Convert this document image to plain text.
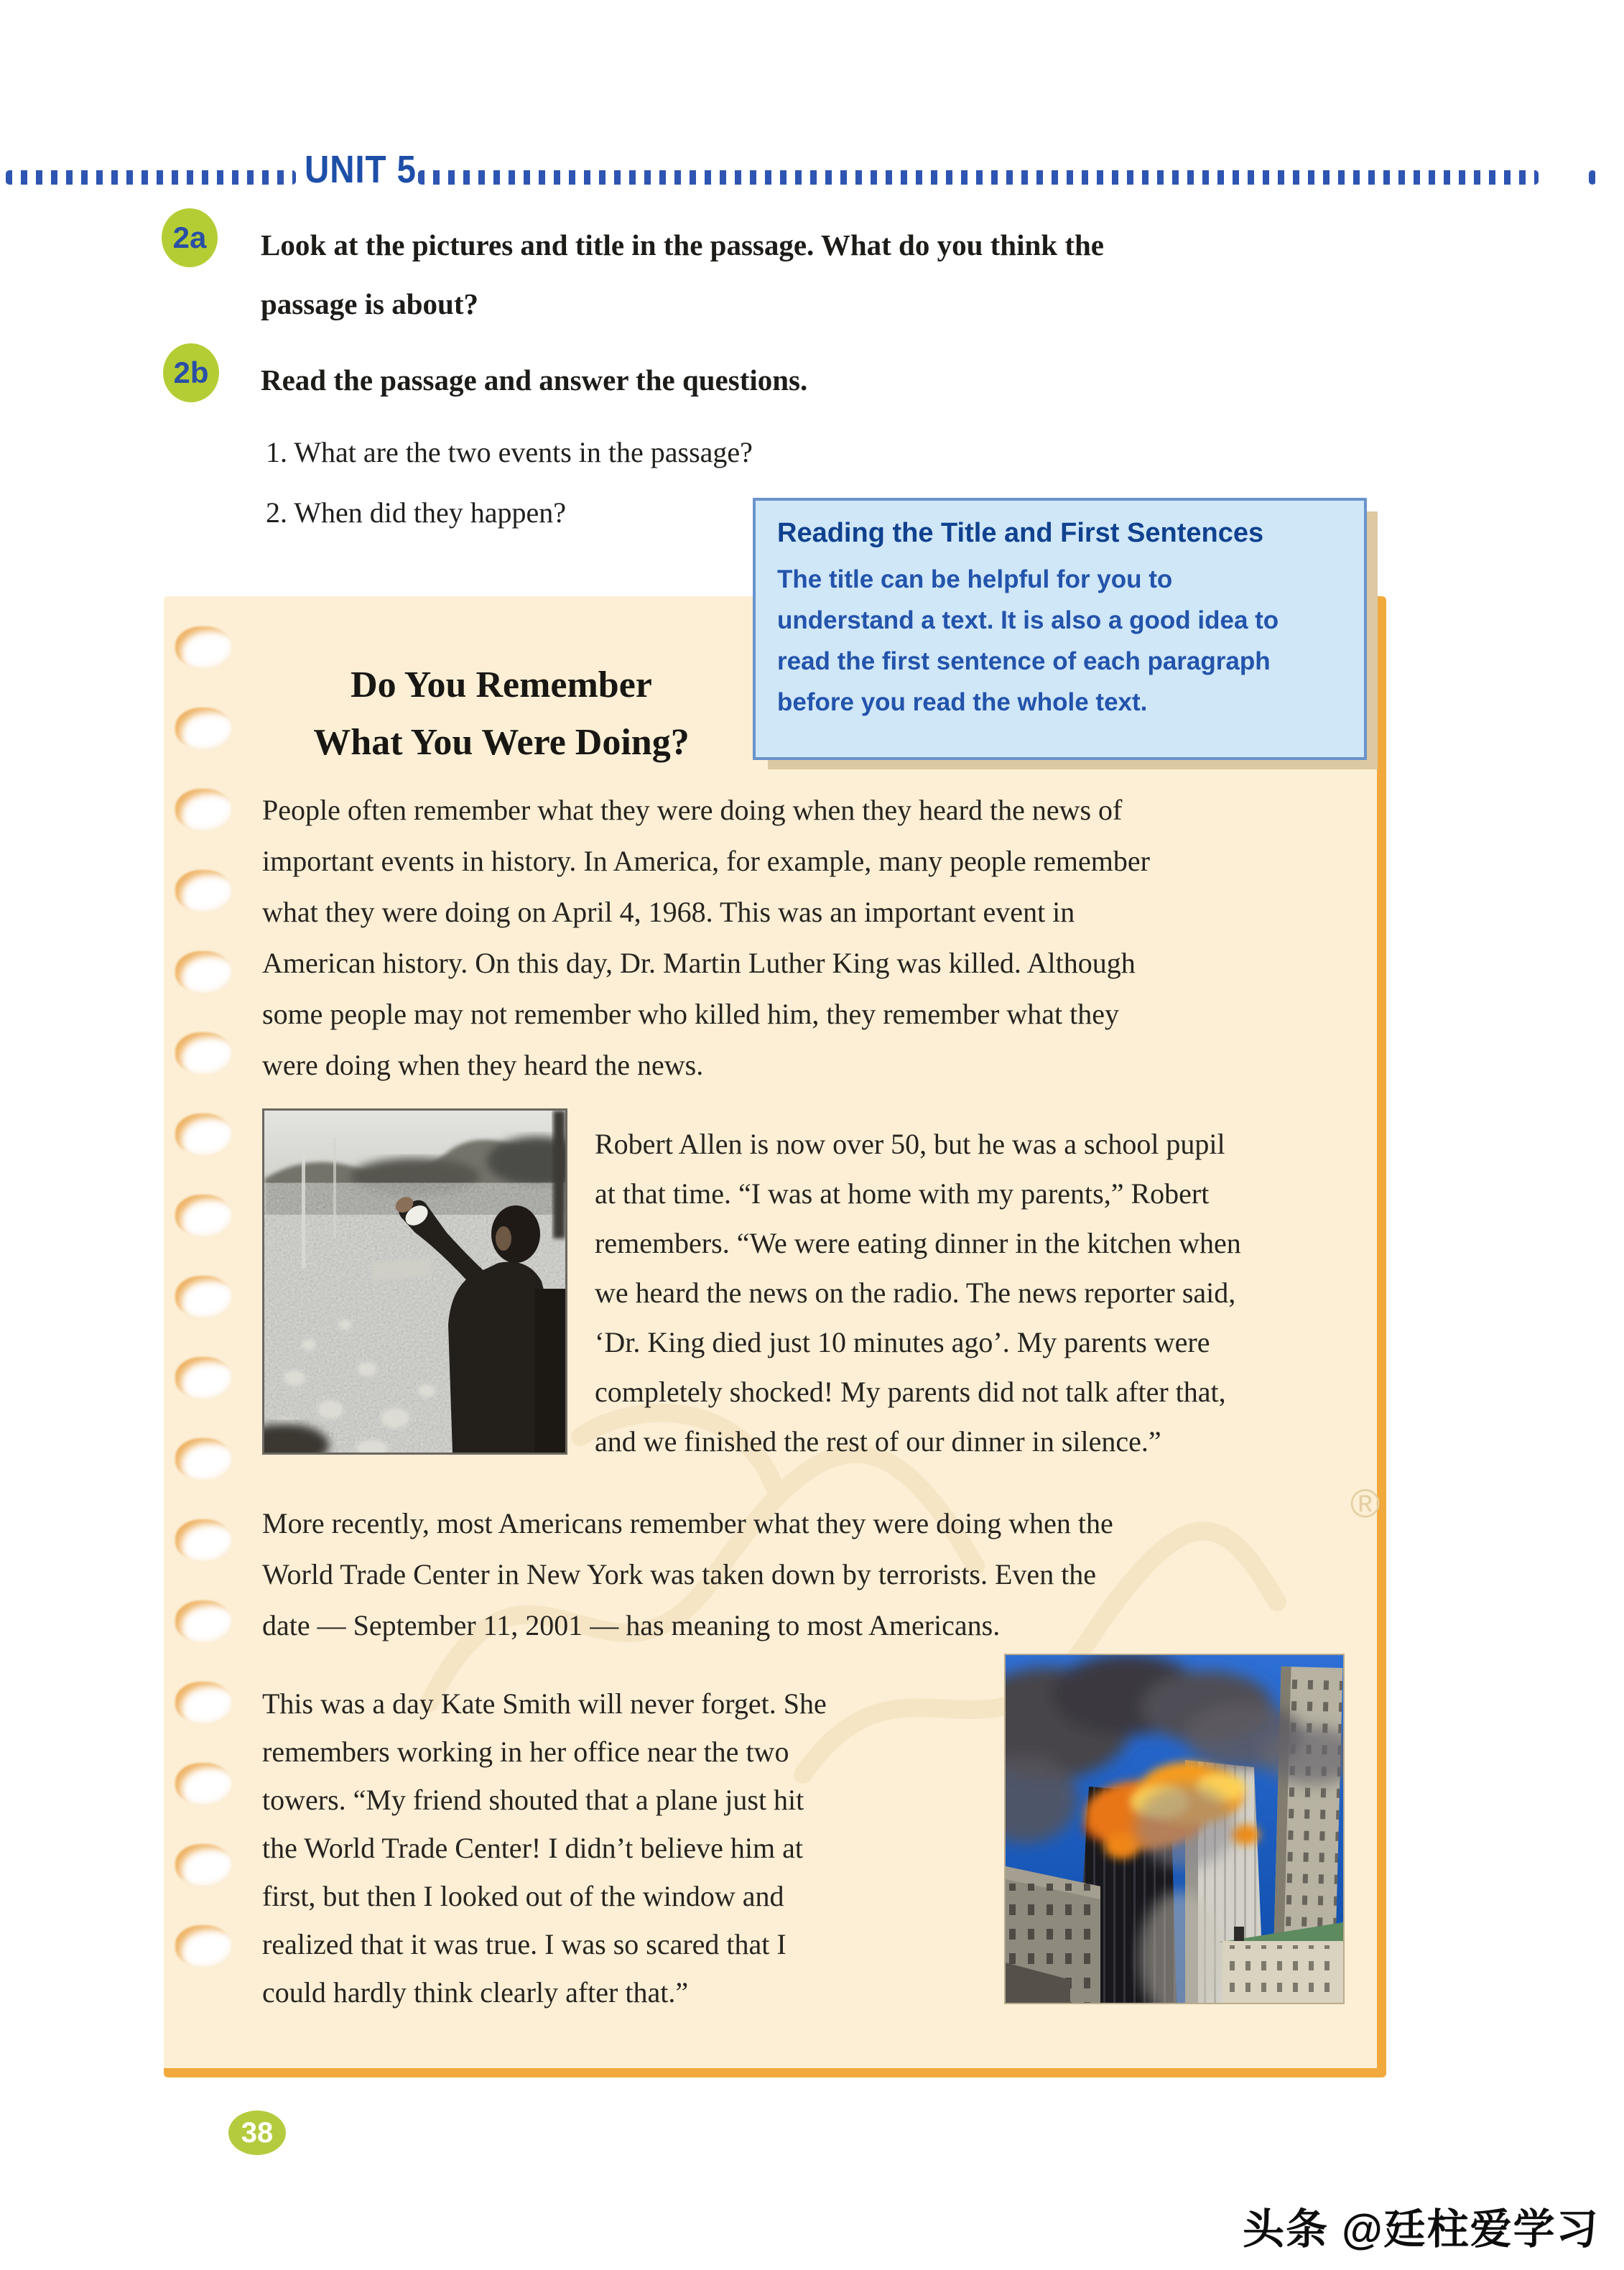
UNIT 5
2a	Look at the pictures and title in the passage. What do you think the
passage is about?
2b	Read the passage and answer the questions.
1. What are the two events in the passage?
2. When did they happen?
Reading the Title and First Sentences
The title can be helpful for you to
understand a text. It is also a good idea to
read the first sentence of each paragraph
before you read the whole text.
®
Do You Remember
What You Were Doing?
People often remember what they were doing when they heard the news of
important events in history. In America, for example, many people remember
what they were doing on April 4, 1968. This was an important event in
American history. On this day, Dr. Martin Luther King was killed. Although
some people may not remember who killed him, they remember what they
were doing when they heard the news.
Robert Allen is now over 50, but he was a school pupil
at that time. “I was at home with my parents,” Robert
remembers. “We were eating dinner in the kitchen when
we heard the news on the radio. The news reporter said,
‘Dr. King died just 10 minutes ago’. My parents were
completely shocked! My parents did not talk after that,
and we finished the rest of our dinner in silence.”
More recently, most Americans remember what they were doing when the
World Trade Center in New York was taken down by terrorists. Even the
date — September 11, 2001 — has meaning to most Americans.
This was a day Kate Smith will never forget. She
remembers working in her office near the two
towers. “My friend shouted that a plane just hit
the World Trade Center! I didn’t believe him at
first, but then I looked out of the window and
realized that it was true. I was so scared that I
could hardly think clearly after that.”
38
头条 @廷柱爱学习
